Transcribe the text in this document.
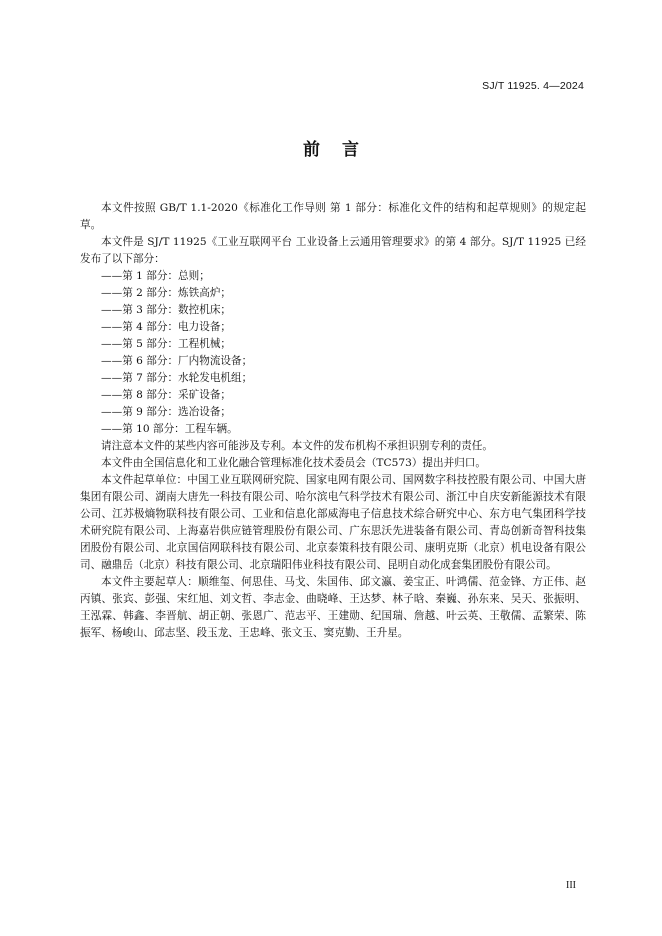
SJ/T 11925. 4—2024
前言

本文件按照 GB/T 1.1-2020《标准化工作导则 第 1 部分：标准化文件的结构和起草规则》的规定起草。

本文件是 SJ/T 11925《工业互联网平台 工业设备上云通用管理要求》的第 4 部分。SJ/T 11925 已经发布了以下部分：

——第 1 部分：总则；
——第 2 部分：炼铁高炉；
——第 3 部分：数控机床；
——第 4 部分：电力设备；
——第 5 部分：工程机械；
——第 6 部分：厂内物流设备；
——第 7 部分：水轮发电机组；
——第 8 部分：采矿设备；
——第 9 部分：选冶设备；
——第 10 部分：工程车辆。

请注意本文件的某些内容可能涉及专利。本文件的发布机构不承担识别专利的责任。

本文件由全国信息化和工业化融合管理标准化技术委员会（TC573）提出并归口。

本文件起草单位：中国工业互联网研究院、国家电网有限公司、国网数字科技控股有限公司、中国大唐集团有限公司、湖南大唐先一科技有限公司、哈尔滨电气科学技术有限公司、浙江中自庆安新能源技术有限公司、江苏极熵物联科技有限公司、工业和信息化部威海电子信息技术综合研究中心、东方电气集团科学技术研究院有限公司、上海嘉岩供应链管理股份有限公司、广东思沃先进装备有限公司、青岛创新奇智科技集团股份有限公司、北京国信网联科技有限公司、北京泰策科技有限公司、康明克斯（北京）机电设备有限公司、融鼎岳（北京）科技有限公司、北京瑞阳伟业科技有限公司、昆明自动化成套集团股份有限公司。

本文件主要起草人：顺维玺、何思佳、马戈、朱国伟、邱文瀛、姜宝正、叶鸿儒、范金锋、方正伟、赵丙镇、张宾、彭强、宋红旭、刘文哲、李志金、曲晓峰、王达梦、林子晗、秦巍、孙东来、吴天、张振明、王泓霖、韩鑫、李晋航、胡正朝、张恩广、范志平、王建勋、纪国瑞、詹越、叶云英、王敬儒、孟繁荣、陈振军、杨峻山、邱志坚、段玉龙、王忠峰、张文玉、窦克勤、王升星。

III
